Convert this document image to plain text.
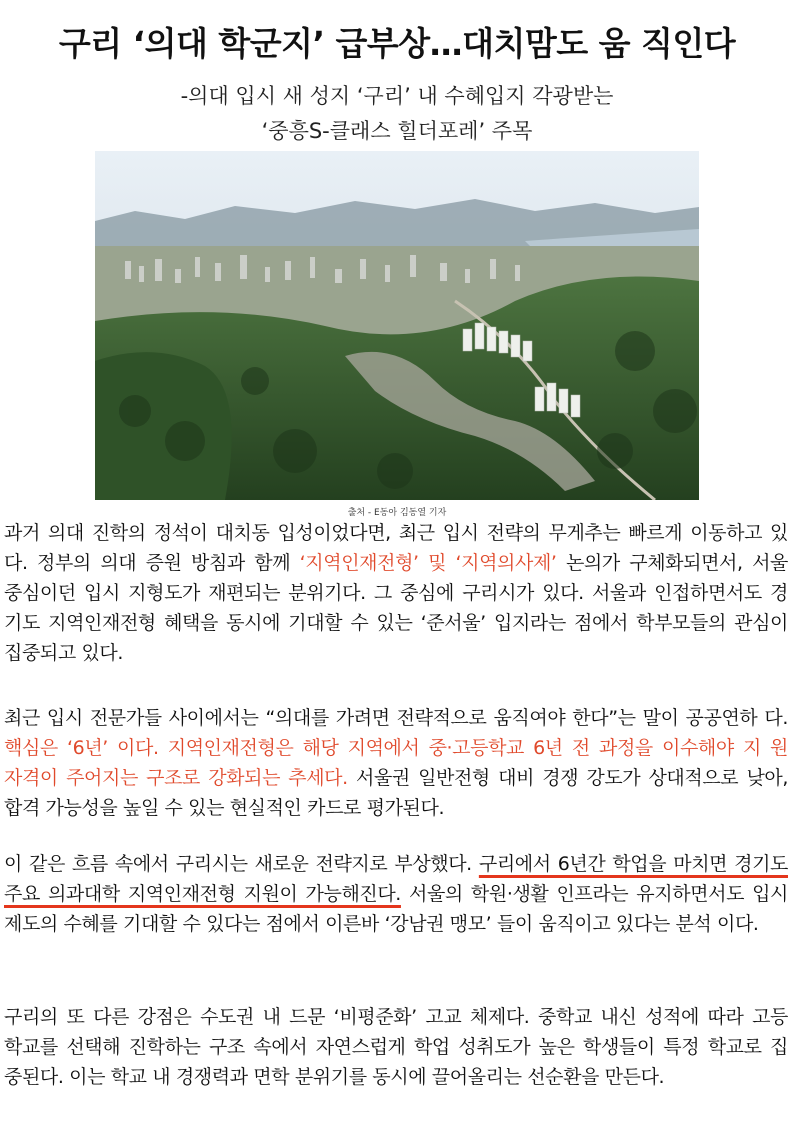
구리 ‘의대 학군지’ 급부상…대치맘도 움 직인다

-의대 입시 새 성지 ‘구리’ 내 수혜입지 각광받는

‘중흥S-클래스 힐더포레’ 주목

출처 - E동아 김동열 기자

과거 의대 진학의 정석이 대치동 입성이었다면, 최근 입시 전략의 무게추는 빠르게 이동하고 있 다. 정부의 의대 증원 방침과 함께 ‘지역인재전형’ 및 ‘지역의사제’ 논의가 구체화되면서, 서울 중심이던 입시 지형도가 재편되는 분위기다. 그 중심에 구리시가 있다. 서울과 인접하면서도 경 기도 지역인재전형 혜택을 동시에 기대할 수 있는 ‘준서울’ 입지라는 점에서 학부모들의 관심이 집중되고 있다.

최근 입시 전문가들 사이에서는 “의대를 가려면 전략적으로 움직여야 한다”는 말이 공공연하 다. 핵심은 ‘6년’ 이다. 지역인재전형은 해당 지역에서 중·고등학교 6년 전 과정을 이수해야 지 원 자격이 주어지는 구조로 강화되는 추세다. 서울권 일반전형 대비 경쟁 강도가 상대적으로 낮아, 합격 가능성을 높일 수 있는 현실적인 카드로 평가된다.

이 같은 흐름 속에서 구리시는 새로운 전략지로 부상했다. 구리에서 6년간 학업을 마치면 경기도 주요 의과대학 지역인재전형 지원이 가능해진다. 서울의 학원·생활 인프라는 유지하면서도 입시 제도의 수혜를 기대할 수 있다는 점에서 이른바 ‘강남권 맹모’ 들이 움직이고 있다는 분석 이다.

구리의 또 다른 강점은 수도권 내 드문 ‘비평준화’ 고교 체제다. 중학교 내신 성적에 따라 고등 학교를 선택해 진학하는 구조 속에서 자연스럽게 학업 성취도가 높은 학생들이 특정 학교로 집 중된다. 이는 학교 내 경쟁력과 면학 분위기를 동시에 끌어올리는 선순환을 만든다.
